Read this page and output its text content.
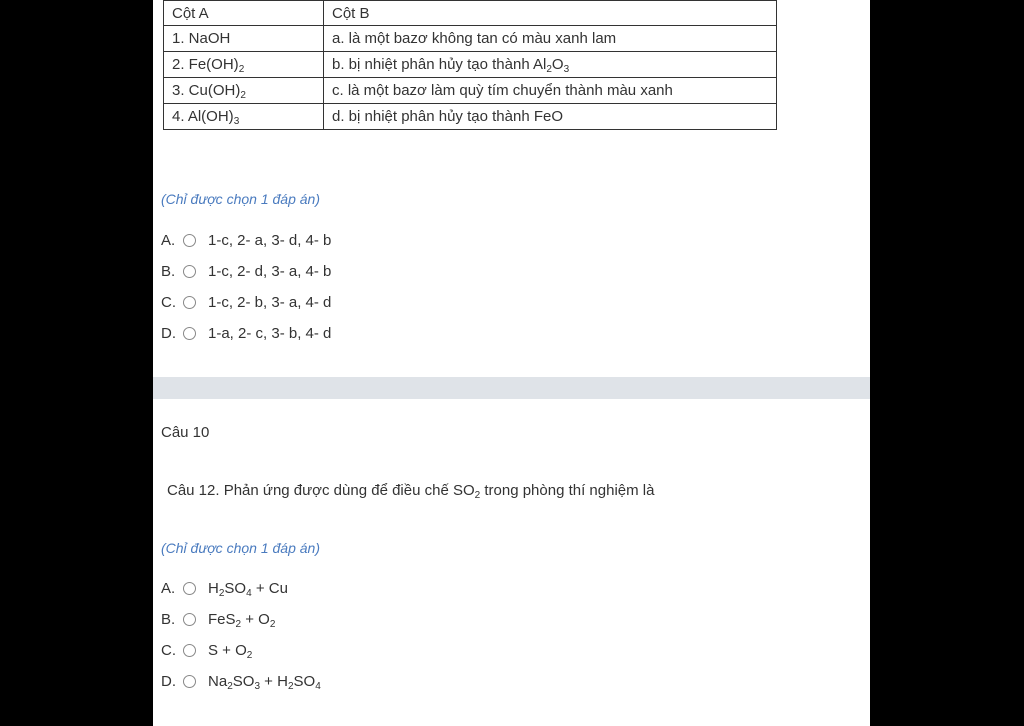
Cột A	Cột B
1. NaOH	a. là một bazơ không tan có màu xanh lam
2. $Fe(OH)_2$	b. bị nhiệt phân hủy tạo thành $Al_2O_3$
3. $Cu(OH)_2$	c. là một bazơ làm quỳ tím chuyển thành màu xanh
4. $Al(OH)_3$	d. bị nhiệt phân hủy tạo thành FeO
(Chỉ được chọn 1 đáp án)
A.	1-c, 2- a, 3- d, 4- b
B.	1-c, 2- d, 3- a, 4- b
C.	1-c, 2- b, 3- a, 4- d
D.	1-a, 2- c, 3- b, 4- d
Câu 10
Câu 12. Phản ứng được dùng để điều chế $SO_2$ trong phòng thí nghiệm là
(Chỉ được chọn 1 đáp án)
A.	$H_2SO_4 + Cu$
B.	$FeS_2 + O_2$
C.	$S + O_2$
D.	$Na_2SO_3 + H_2SO_4$
